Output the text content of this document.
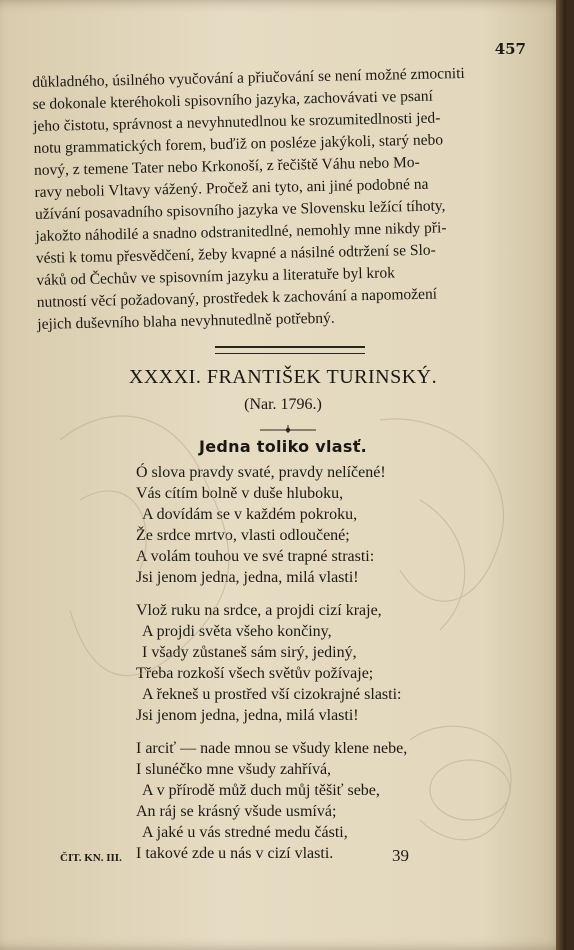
457

důkladného, úsilného vyučování a přiučování se není možné zmocniti

se dokonale kteréhokoli spisovního jazyka, zachovávati ve psaní

jeho čistotu, správnost a nevyhnutedlnou ke srozumitedlnosti jed-

notu grammatických forem, buďiž on posléze jakýkoli, starý nebo

nový, z temene Tater nebo Krkonoší, z řečiště Váhu nebo Mo-

ravy neboli Vltavy vážený. Pročež ani tyto, ani jiné podobné na

užívání posavadního spisovního jazyka ve Slovensku ležící tíhoty,

jakožto náhodilé a snadno odstranitedlné, nemohly mne nikdy při-

vésti k tomu přesvědčení, žeby kvapné a násilné odtržení se Slo-

váků od Čechův ve spisovním jazyku a literatuře byl krok

nutností věcí požadovaný, prostředek k zachování a napomožení

jejich duševního blaha nevyhnutedlně potřebný.

XXXXI. FRANTIŠEK TURINSKÝ.
(Nar. 1796.)
Jedna toliko vlasť.
Ó slova pravdy svaté, pravdy nelíčené!
Vás cítím bolně v duše hluboku,
A dovídám se v každém pokroku,
Že srdce mrtvo, vlasti odloučené;
A volám touhou ve své trapné strasti:
Jsi jenom jedna, jedna, milá vlasti!
Vlož ruku na srdce, a projdi cizí kraje,
A projdi světa všeho končiny,
I všady zůstaneš sám sirý, jediný,
Třeba rozkoší všech světův požívaje;
A řekneš u prostřed vší cizokrajné slasti:
Jsi jenom jedna, jedna, milá vlasti!
I arciť — nade mnou se všudy klene nebe,
I slunéčko mne všudy zahřívá,
A v přírodě můž duch můj těšiť sebe,
An ráj se krásný všude usmívá;
A jaké u vás stredné medu části,
I takové zde u nás v cizí vlasti.
ČIT. KN. III.	39
